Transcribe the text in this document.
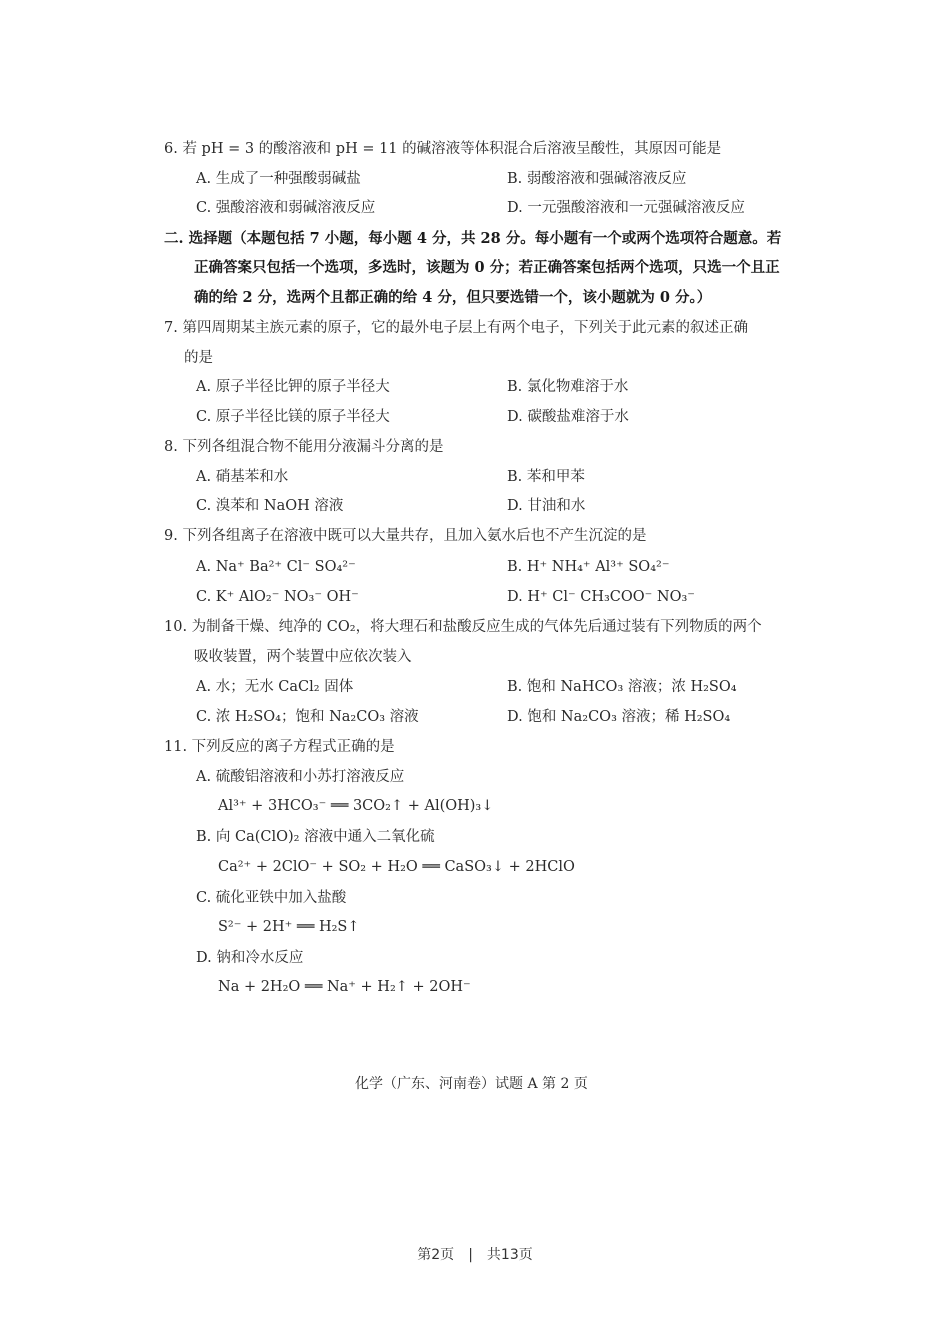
6. 若 pH = 3 的酸溶液和 pH = 11 的碱溶液等体积混合后溶液呈酸性，其原因可能是
A. 生成了一种强酸弱碱盐	B. 弱酸溶液和强碱溶液反应
C. 强酸溶液和弱碱溶液反应	D. 一元强酸溶液和一元强碱溶液反应
二. 选择题（本题包括 7 小题，每小题 4 分，共 28 分。每小题有一个或两个选项符合题意。若
正确答案只包括一个选项，多选时，该题为 0 分；若正确答案包括两个选项，只选一个且正
确的给 2 分，选两个且都正确的给 4 分，但只要选错一个，该小题就为 0 分。）
7. 第四周期某主族元素的原子，它的最外电子层上有两个电子，下列关于此元素的叙述正确
的是
A. 原子半径比钾的原子半径大	B. 氯化物难溶于水
C. 原子半径比镁的原子半径大	D. 碳酸盐难溶于水
8. 下列各组混合物不能用分液漏斗分离的是
A. 硝基苯和水	B. 苯和甲苯
C. 溴苯和 NaOH 溶液	D. 甘油和水
9. 下列各组离子在溶液中既可以大量共存，且加入氨水后也不产生沉淀的是
A. Na⁺ Ba²⁺ Cl⁻ SO₄²⁻	B. H⁺ NH₄⁺ Al³⁺ SO₄²⁻
C. K⁺ AlO₂⁻ NO₃⁻ OH⁻	D. H⁺ Cl⁻ CH₃COO⁻ NO₃⁻
10. 为制备干燥、纯净的 CO₂，将大理石和盐酸反应生成的气体先后通过装有下列物质的两个
吸收装置，两个装置中应依次装入
A. 水；无水 CaCl₂ 固体	B. 饱和 NaHCO₃ 溶液；浓 H₂SO₄
C. 浓 H₂SO₄；饱和 Na₂CO₃ 溶液	D. 饱和 Na₂CO₃ 溶液；稀 H₂SO₄
11. 下列反应的离子方程式正确的是
A. 硫酸铝溶液和小苏打溶液反应
Al³⁺ + 3HCO₃⁻ ══ 3CO₂↑ + Al(OH)₃↓
B. 向 Ca(ClO)₂ 溶液中通入二氧化硫
Ca²⁺ + 2ClO⁻ + SO₂ + H₂O ══ CaSO₃↓ + 2HClO
C. 硫化亚铁中加入盐酸
S²⁻ + 2H⁺ ══ H₂S↑
D. 钠和冷水反应
Na + 2H₂O ══ Na⁺ + H₂↑ + 2OH⁻
化学（广东、河南卷）试题 A 第 2 页
第2页 | 共13页
